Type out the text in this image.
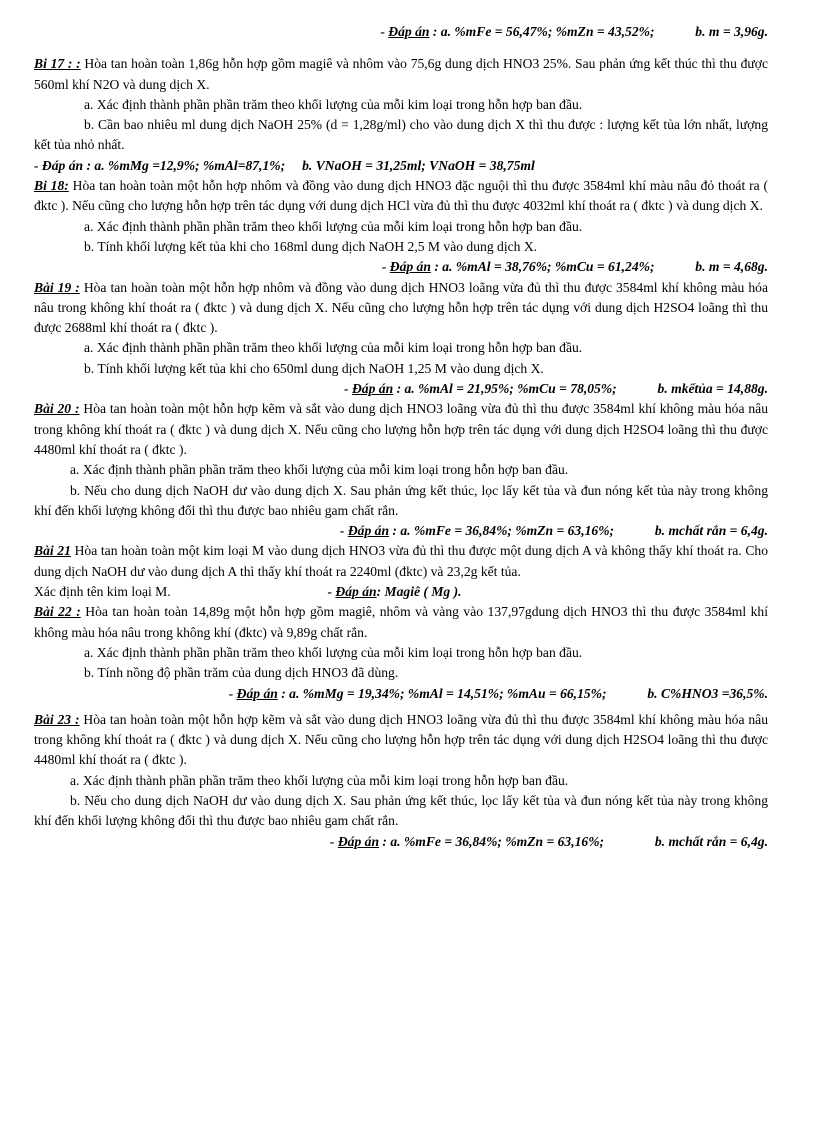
- Đáp án : a. %mFe = 56,47%; %mZn = 43,52%;	b. m = 3,96g.
Bi 17 : : Hòa tan hoàn toàn 1,86g hỗn hợp gồm magiê và nhôm vào 75,6g dung dịch HNO3 25%. Sau phản ứng kết thúc thì thu được 560ml khí N2O và dung dịch X.
a. Xác định thành phần phần trăm theo khối lượng của mỗi kim loại trong hỗn hợp ban đầu.
b. Cần bao nhiêu ml dung dịch NaOH 25% (d = 1,28g/ml) cho vào dung dịch X thì thu được : lượng kết tủa lớn nhất, lượng kết tủa nhỏ nhất.
- Đáp án : a. %mMg =12,9%; %mAl=87,1%; b. VNaOH = 31,25ml; VNaOH = 38,75ml
Bi 18: Hòa tan hoàn toàn một hỗn hợp nhôm và đồng vào dung dịch HNO3 đặc nguội thì thu được 3584ml khí màu nâu đỏ thoát ra ( đktc ). Nếu cũng cho lượng hỗn hợp trên tác dụng với dung dịch HCl vừa đủ thì thu được 4032ml khí thoát ra ( đktc ) và dung dịch X.
a. Xác định thành phần phần trăm theo khối lượng của mỗi kim loại trong hỗn hợp ban đầu.
b. Tính khối lượng kết tủa khi cho 168ml dung dịch NaOH 2,5 M vào dung dịch X.
- Đáp án : a. %mAl = 38,76%; %mCu = 61,24%;	b. m = 4,68g.
Bài 19 : Hòa tan hoàn toàn một hỗn hợp nhôm và đồng vào dung dịch HNO3 loãng vừa đủ thì thu được 3584ml khí không màu hóa nâu trong không khí thoát ra ( đktc ) và dung dịch X. Nếu cũng cho lượng hỗn hợp trên tác dụng với dung dịch H2SO4 loãng thì thu được 2688ml khí thoát ra ( đktc ).
a. Xác định thành phần phần trăm theo khối lượng của mỗi kim loại trong hỗn hợp ban đầu.
b. Tính khối lượng kết tủa khi cho 650ml dung dịch NaOH 1,25 M vào dung dịch X.
- Đáp án : a. %mAl = 21,95%; %mCu = 78,05%;	b. mkếtủa = 14,88g.
Bài 20 : Hòa tan hoàn toàn một hỗn hợp kẽm và sắt vào dung dịch HNO3 loãng vừa đủ thì thu được 3584ml khí không màu hóa nâu trong không khí thoát ra ( đktc ) và dung dịch X. Nếu cũng cho lượng hỗn hợp trên tác dụng với dung dịch H2SO4 loãng thì thu được 4480ml khí thoát ra ( đktc ).
a. Xác định thành phần phần trăm theo khối lượng của mỗi kim loại trong hỗn hợp ban đầu.
b. Nếu cho dung dịch NaOH dư vào dung dịch X. Sau phản ứng kết thúc, lọc lấy kết tủa và đun nóng kết tủa này trong không khí đến khối lượng không đổi thì thu được bao nhiêu gam chất rắn.
- Đáp án : a. %mFe = 36,84%; %mZn = 63,16%;	b. mchất rắn = 6,4g.
Bài 21 Hòa tan hoàn toàn một kim loại M vào dung dịch HNO3 vừa đủ thì thu được một dung dịch A và không thấy khí thoát ra. Cho dung dịch NaOH dư vào dung dịch A thì thấy khí thoát ra 2240ml (đktc) và 23,2g kết tủa.
Xác định tên kim loại M.	- Đáp án: Magiê ( Mg ).
Bài 22 : Hòa tan hoàn toàn 14,89g một hỗn hợp gồm magiê, nhôm và vàng vào 137,97gdung dịch HNO3 thì thu được 3584ml khí không màu hóa nâu trong không khí (đktc) và 9,89g chất rắn.
a. Xác định thành phần phần trăm theo khối lượng của mỗi kim loại trong hỗn hợp ban đầu.
b. Tính nồng độ phần trăm của dung dịch HNO3 đã dùng.
- Đáp án : a. %mMg = 19,34%; %mAl = 14,51%; %mAu = 66,15%;	b. C%HNO3 =36,5%.
Bài 23 : Hòa tan hoàn toàn một hỗn hợp kẽm và sắt vào dung dịch HNO3 loãng vừa đủ thì thu được 3584ml khí không màu hóa nâu trong không khí thoát ra ( đktc ) và dung dịch X. Nếu cũng cho lượng hỗn hợp trên tác dụng với dung dịch H2SO4 loãng thì thu được 4480ml khí thoát ra ( đktc ).
a. Xác định thành phần phần trăm theo khối lượng của mỗi kim loại trong hỗn hợp ban đầu.
b. Nếu cho dung dịch NaOH dư vào dung dịch X. Sau phản ứng kết thúc, lọc lấy kết tủa và đun nóng kết tủa này trong không khí đến khối lượng không đổi thì thu được bao nhiêu gam chất rắn.
- Đáp án : a. %mFe = 36,84%; %mZn = 63,16%;	b. mchất rắn = 6,4g.
